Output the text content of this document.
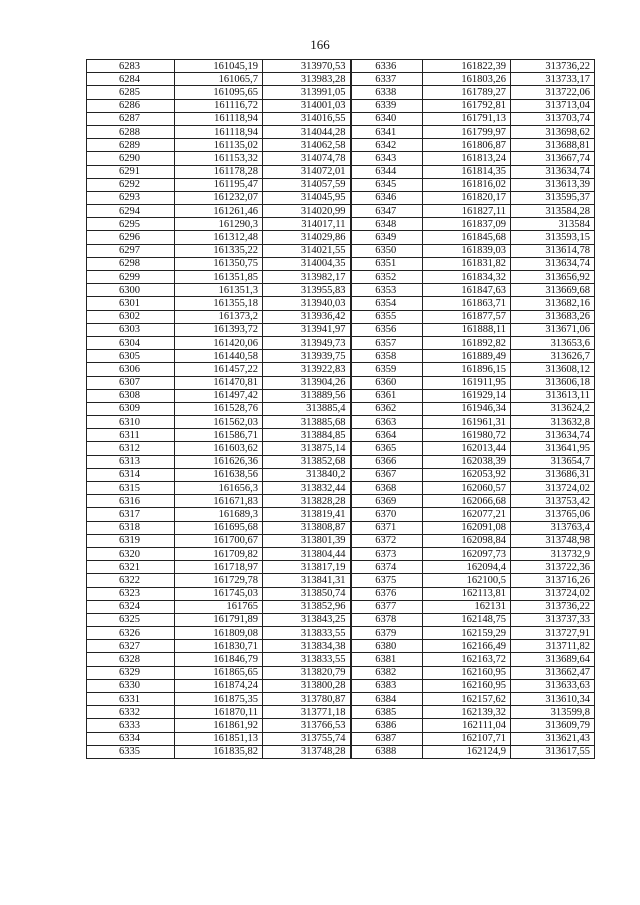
166
6283	161045,19	313970,53	6336	161822,39	313736,22
6284	161065,7	313983,28	6337	161803,26	313733,17
6285	161095,65	313991,05	6338	161789,27	313722,06
6286	161116,72	314001,03	6339	161792,81	313713,04
6287	161118,94	314016,55	6340	161791,13	313703,74
6288	161118,94	314044,28	6341	161799,97	313698,62
6289	161135,02	314062,58	6342	161806,87	313688,81
6290	161153,32	314074,78	6343	161813,24	313667,74
6291	161178,28	314072,01	6344	161814,35	313634,74
6292	161195,47	314057,59	6345	161816,02	313613,39
6293	161232,07	314045,95	6346	161820,17	313595,37
6294	161261,46	314020,99	6347	161827,11	313584,28
6295	161290,3	314017,11	6348	161837,09	313584
6296	161312,48	314029,86	6349	161845,68	313593,15
6297	161335,22	314021,55	6350	161839,03	313614,78
6298	161350,75	314004,35	6351	161831,82	313634,74
6299	161351,85	313982,17	6352	161834,32	313656,92
6300	161351,3	313955,83	6353	161847,63	313669,68
6301	161355,18	313940,03	6354	161863,71	313682,16
6302	161373,2	313936,42	6355	161877,57	313683,26
6303	161393,72	313941,97	6356	161888,11	313671,06
6304	161420,06	313949,73	6357	161892,82	313653,6
6305	161440,58	313939,75	6358	161889,49	313626,7
6306	161457,22	313922,83	6359	161896,15	313608,12
6307	161470,81	313904,26	6360	161911,95	313606,18
6308	161497,42	313889,56	6361	161929,14	313613,11
6309	161528,76	313885,4	6362	161946,34	313624,2
6310	161562,03	313885,68	6363	161961,31	313632,8
6311	161586,71	313884,85	6364	161980,72	313634,74
6312	161603,62	313875,14	6365	162013,44	313641,95
6313	161626,36	313852,68	6366	162038,39	313654,7
6314	161638,56	313840,2	6367	162053,92	313686,31
6315	161656,3	313832,44	6368	162060,57	313724,02
6316	161671,83	313828,28	6369	162066,68	313753,42
6317	161689,3	313819,41	6370	162077,21	313765,06
6318	161695,68	313808,87	6371	162091,08	313763,4
6319	161700,67	313801,39	6372	162098,84	313748,98
6320	161709,82	313804,44	6373	162097,73	313732,9
6321	161718,97	313817,19	6374	162094,4	313722,36
6322	161729,78	313841,31	6375	162100,5	313716,26
6323	161745,03	313850,74	6376	162113,81	313724,02
6324	161765	313852,96	6377	162131	313736,22
6325	161791,89	313843,25	6378	162148,75	313737,33
6326	161809,08	313833,55	6379	162159,29	313727,91
6327	161830,71	313834,38	6380	162166,49	313711,82
6328	161846,79	313833,55	6381	162163,72	313689,64
6329	161865,65	313820,79	6382	162160,95	313662,47
6330	161874,24	313800,28	6383	162160,95	313633,63
6331	161875,35	313780,87	6384	162157,62	313610,34
6332	161870,11	313771,18	6385	162139,32	313599,8
6333	161861,92	313766,53	6386	162111,04	313609,79
6334	161851,13	313755,74	6387	162107,71	313621,43
6335	161835,82	313748,28	6388	162124,9	313617,55
